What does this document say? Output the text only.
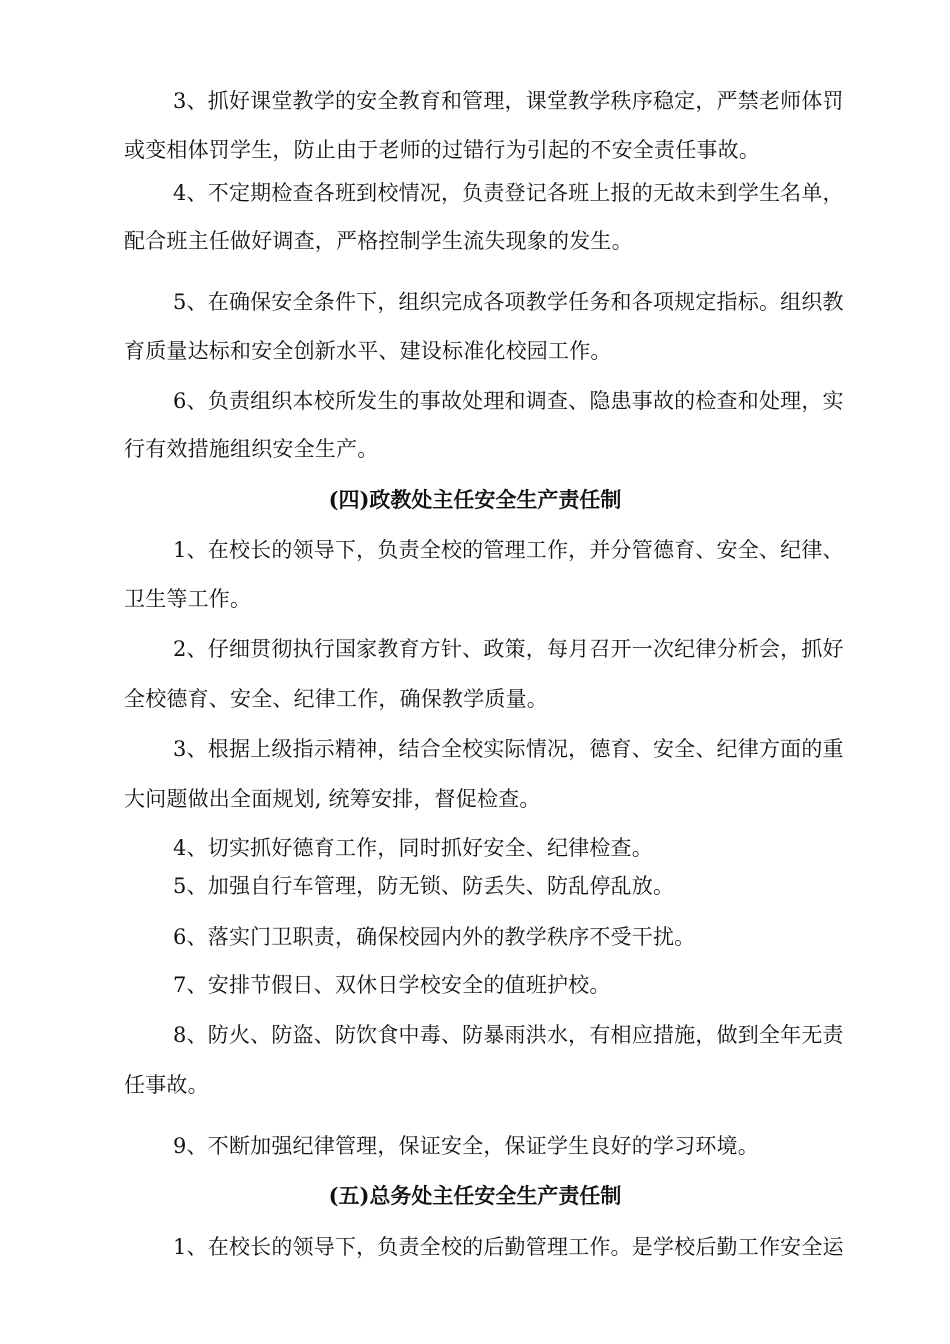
3、抓好课堂教学的安全教育和管理，课堂教学秩序稳定，严禁老师体罚
或变相体罚学生，防止由于老师的过错行为引起的不安全责任事故。
4、不定期检查各班到校情况，负责登记各班上报的无故未到学生名单，
配合班主任做好调查，严格控制学生流失现象的发生。
5、在确保安全条件下，组织完成各项教学任务和各项规定指标。组织教
育质量达标和安全创新水平、建设标准化校园工作。
6、负责组织本校所发生的事故处理和调查、隐患事故的检查和处理，实
行有效措施组织安全生产。
(四)政教处主任安全生产责任制
1、在校长的领导下，负责全校的管理工作，并分管德育、安全、纪律、
卫生等工作。
2、仔细贯彻执行国家教育方针、政策，每月召开一次纪律分析会，抓好
全校德育、安全、纪律工作，确保教学质量。
3、根据上级指示精神，结合全校实际情况，德育、安全、纪律方面的重
大问题做出全面规划, 统筹安排，督促检查。
4、切实抓好德育工作，同时抓好安全、纪律检查。
5、加强自行车管理，防无锁、防丢失、防乱停乱放。
6、落实门卫职责，确保校园内外的教学秩序不受干扰。
7、安排节假日、双休日学校安全的值班护校。
8、防火、防盗、防饮食中毒、防暴雨洪水，有相应措施，做到全年无责
任事故。
9、不断加强纪律管理，保证安全，保证学生良好的学习环境。
(五)总务处主任安全生产责任制
1、在校长的领导下，负责全校的后勤管理工作。是学校后勤工作安全运
